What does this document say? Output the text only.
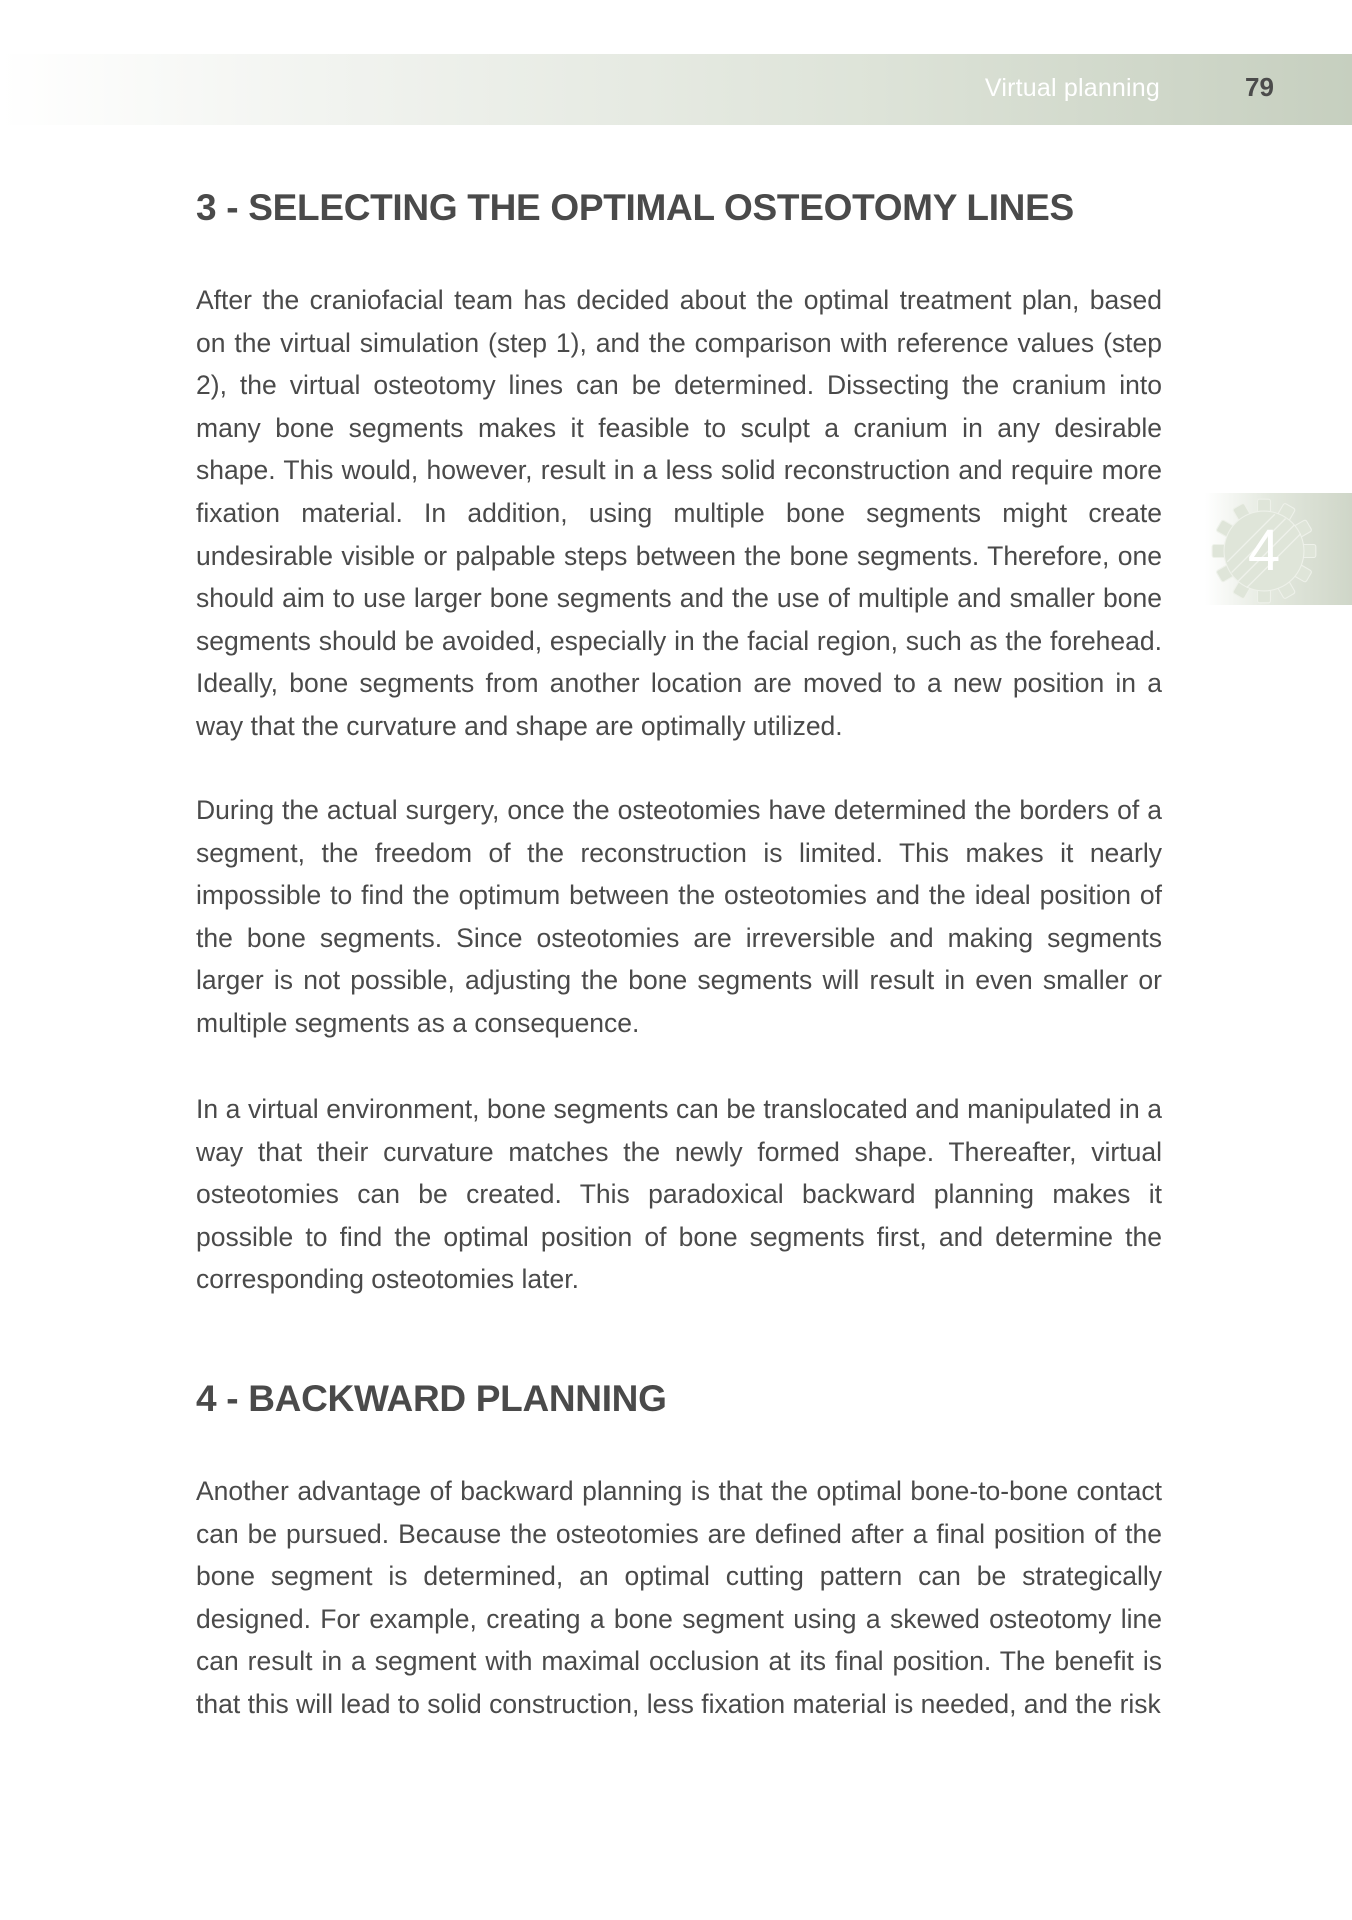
Virtual planning	79
4
3 - SELECTING THE OPTIMAL OSTEOTOMY LINES

After the craniofacial team has decided about the optimal treatment plan, based on the virtual simulation (step 1), and the comparison with reference values (step 2), the virtual osteotomy lines can be determined. Dissecting the cranium into many bone segments makes it feasible to sculpt a cranium in any desirable shape. This would, however, result in a less solid reconstruction and require more fixation material. In addition, using multiple bone segments might create undesirable visible or palpable steps between the bone segments. Therefore, one should aim to use larger bone segments and the use of multiple and smaller bone segments should be avoided, especially in the facial region, such as the forehead. Ideally, bone segments from another location are moved to a new position in a way that the curvature and shape are optimally utilized.

During the actual surgery, once the osteotomies have determined the borders of a segment, the freedom of the reconstruction is limited. This makes it nearly impossible to find the optimum between the osteotomies and the ideal position of the bone segments. Since osteotomies are irreversible and making segments larger is not possible, adjusting the bone segments will result in even smaller or multiple segments as a consequence.

In a virtual environment, bone segments can be translocated and manipulated in a way that their curvature matches the newly formed shape. Thereafter, virtual osteotomies can be created. This paradoxical backward planning makes it possible to find the optimal position of bone segments first, and determine the corresponding osteotomies later.

4 - BACKWARD PLANNING

Another advantage of backward planning is that the optimal bone-to-bone contact can be pursued. Because the osteotomies are defined after a final position of the bone segment is determined, an optimal cutting pattern can be strategically designed. For example, creating a bone segment using a skewed osteotomy line can result in a segment with maximal occlusion at its final position. The benefit is that this will lead to solid construction, less fixation material is needed, and the risk
